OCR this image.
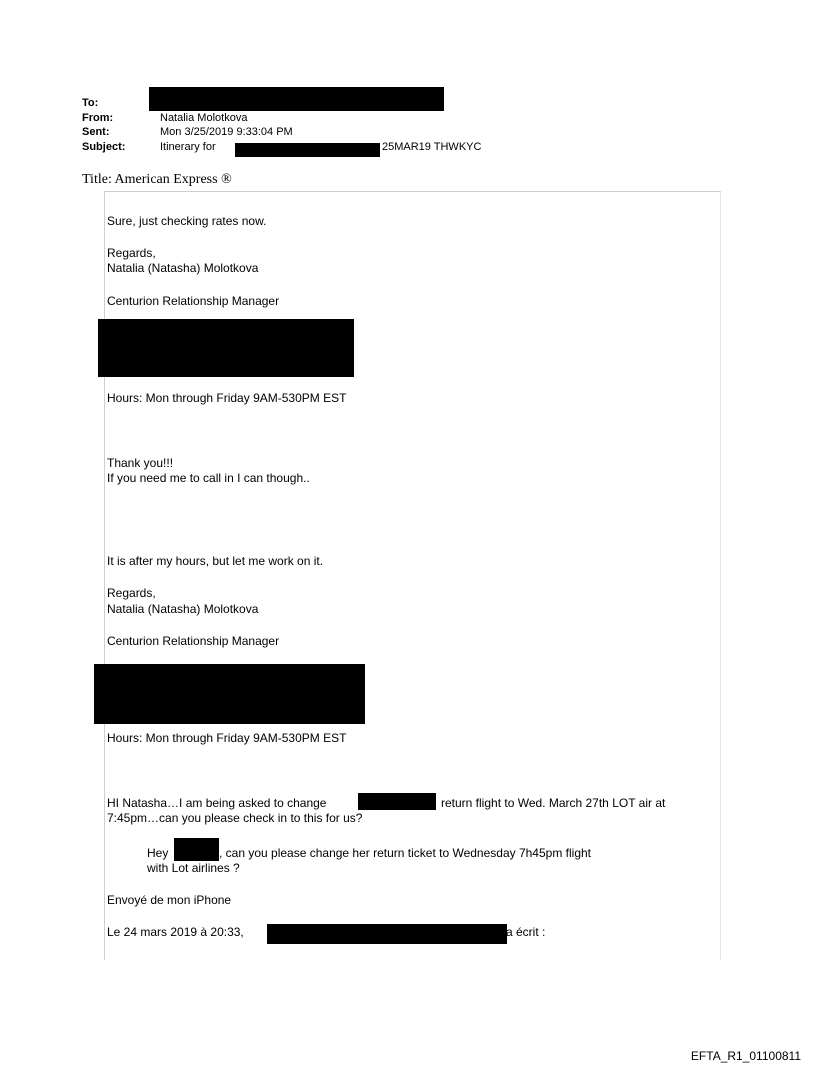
To:
From:	Natalia Molotkova
Sent:	Mon 3/25/2019 9:33:04 PM
Subject:	Itinerary for	25MAR19 THWKYC
Title: American Express ®
Sure, just checking rates now.
Regards,
Natalia (Natasha) Molotkova
Centurion Relationship Manager
Hours: Mon through Friday 9AM-530PM EST
Thank you!!!
If you need me to call in I can though..
It is after my hours, but let me work on it.
Regards,
Natalia (Natasha) Molotkova
Centurion Relationship Manager
Hours: Mon through Friday 9AM-530PM EST
HI Natasha…I am being asked to change	return flight to Wed. March 27th LOT air at
7:45pm…can you please check in to this for us?
Hey	, can you please change her return ticket to Wednesday 7h45pm flight
with Lot airlines ?
Envoyé de mon iPhone
Le 24 mars 2019 à 20:33,	a écrit :
EFTA_R1_01100811
